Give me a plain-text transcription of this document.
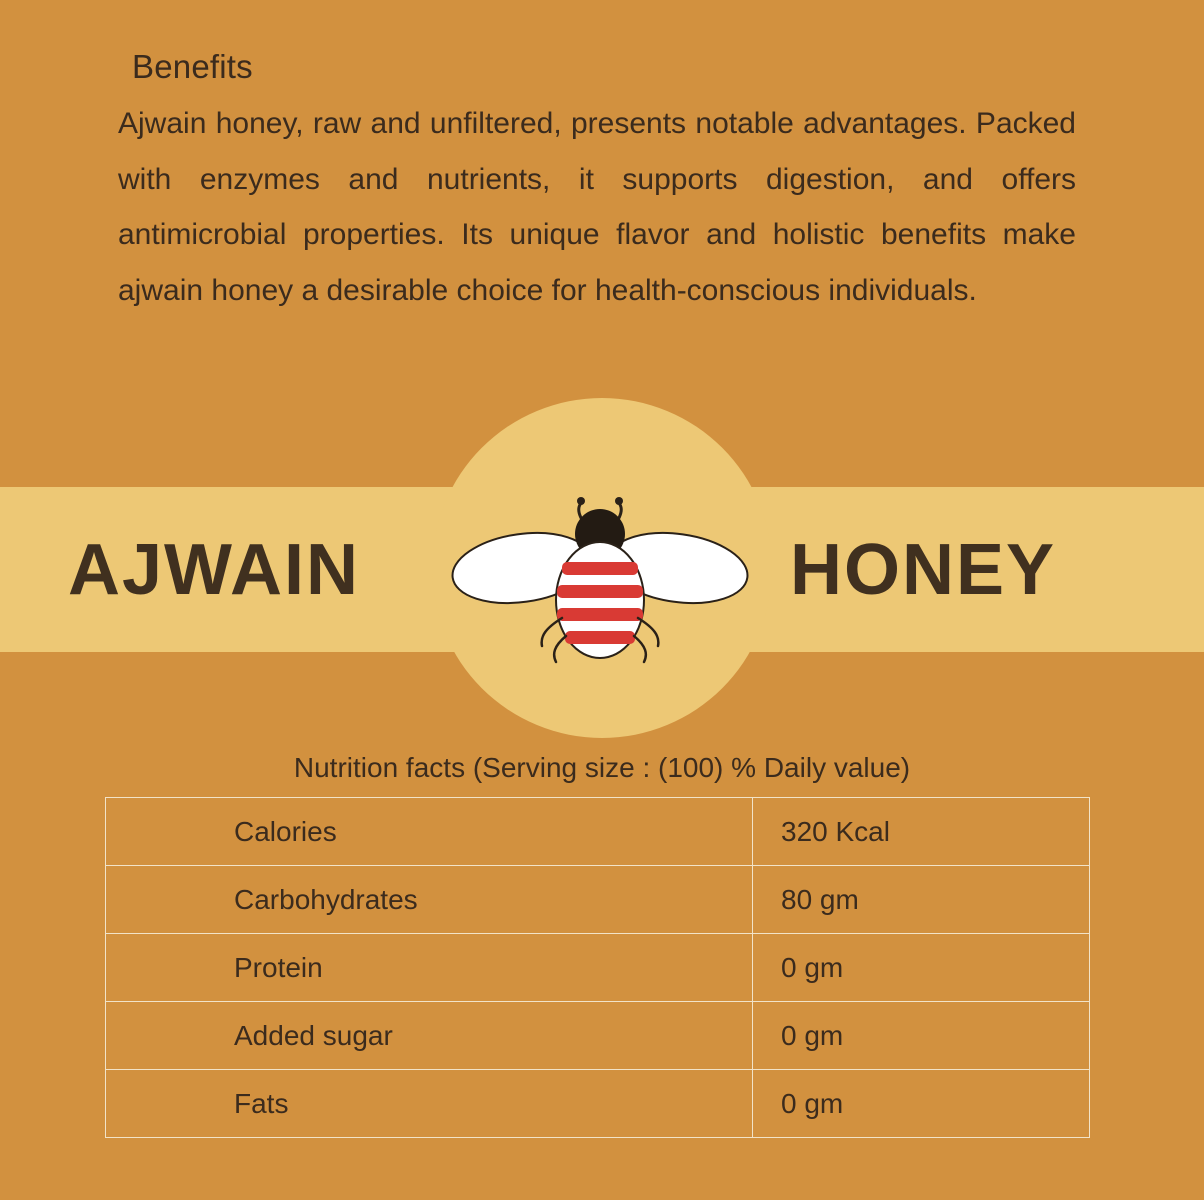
Benefits

Ajwain honey, raw and unfiltered, presents notable advantages. Packed with enzymes and nutrients, it supports digestion, and offers antimicrobial properties. Its unique flavor and holistic benefits make ajwain honey a desirable choice for health-conscious individuals.

AJWAIN	HONEY
Nutrition facts (Serving size : (100) % Daily value)
Calories	320 Kcal
Carbohydrates	80 gm
Protein	0 gm
Added sugar	0 gm
Fats	0 gm
